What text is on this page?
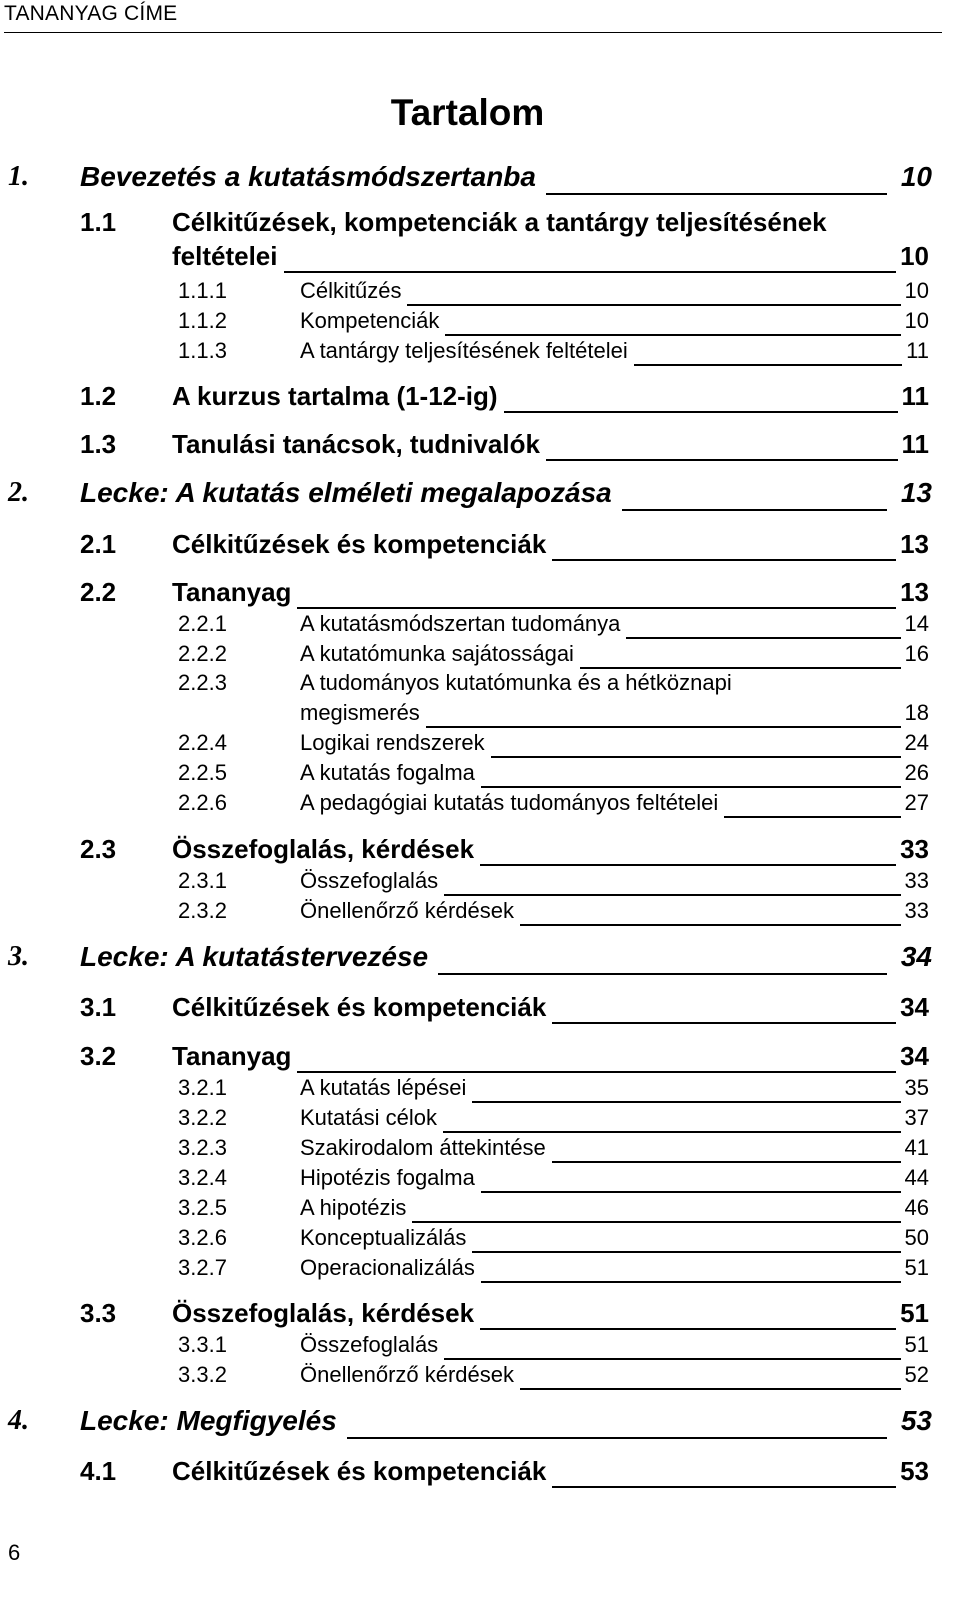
TANANYAG CÍME
Tartalom
1. Bevezetés a kutatásmódszertanba	10
1.1 Célkitűzések, kompetenciák a tantárgy teljesítésének
feltételei	10
1.1.1	Célkitűzés	10
1.1.2	Kompetenciák	10
1.1.3	A tantárgy teljesítésének feltételei	11
1.2 A kurzus tartalma (1-12-ig)	11
1.3 Tanulási tanácsok, tudnivalók	11
2. Lecke: A kutatás elméleti megalapozása	13
2.1 Célkitűzések és kompetenciák	13
2.2 Tananyag	13
2.2.1	A kutatásmódszertan tudománya	14
2.2.2	A kutatómunka sajátosságai	16
2.2.3	A tudományos kutatómunka és a hétköznapi
megismerés	18
2.2.4	Logikai rendszerek	24
2.2.5	A kutatás fogalma	26
2.2.6	A pedagógiai kutatás tudományos feltételei	27
2.3 Összefoglalás, kérdések	33
2.3.1	Összefoglalás	33
2.3.2	Önellenőrző kérdések	33
3. Lecke: A kutatástervezése	34
3.1 Célkitűzések és kompetenciák	34
3.2 Tananyag	34
3.2.1	A kutatás lépései	35
3.2.2	Kutatási célok	37
3.2.3	Szakirodalom áttekintése	41
3.2.4	Hipotézis fogalma	44
3.2.5	A hipotézis	46
3.2.6	Konceptualizálás	50
3.2.7	Operacionalizálás	51
3.3 Összefoglalás, kérdések	51
3.3.1	Összefoglalás	51
3.3.2	Önellenőrző kérdések	52
4. Lecke: Megfigyelés	53
4.1 Célkitűzések és kompetenciák	53
6
